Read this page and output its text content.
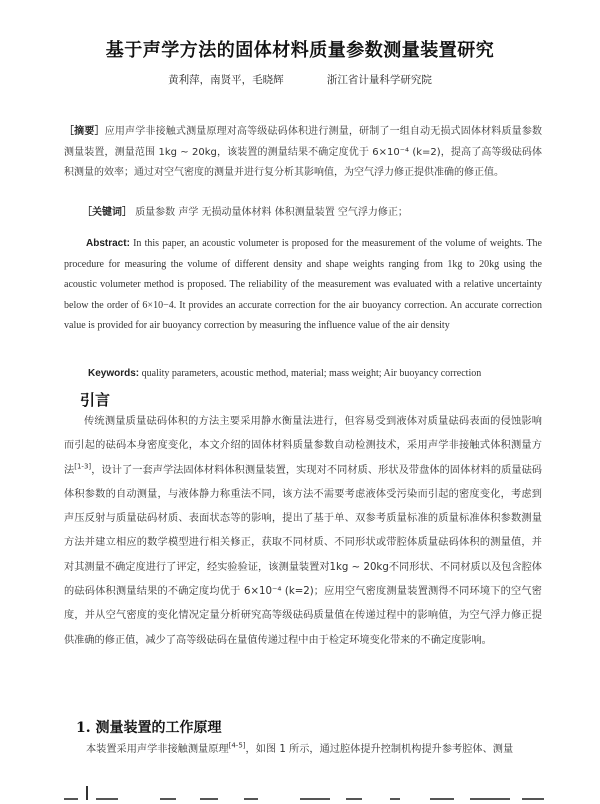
基于声学方法的固体材料质量参数测量装置研究
黄利萍，南贤平，毛晓辉	浙江省计量科学研究院
［摘要］应用声学非接触式测量原理对高等级砝码体积进行测量，研制了一组自动无损式固体材料质量参数测量装置，测量范围 1kg ~ 20kg，该装置的测量结果不确定度优于 6×10⁻⁴ (k=2)，提高了高等级砝码体积测量的效率；通过对空气密度的测量并进行复分析其影响值，为空气浮力修正提供准确的修正值。
［关键词］ 质量参数 声学 无损动量体材料 体积测量装置 空气浮力修正；
Abstract: In this paper, an acoustic volumeter is proposed for the measurement of the volume of weights. The procedure for measuring the volume of different density and shape weights ranging from 1kg to 20kg using the acoustic volumeter method is proposed. The reliability of the measurement was evaluated with a relative uncertainty below the order of 6×10−4. It provides an accurate correction for the air buoyancy correction. An accurate correction value is provided for air buoyancy correction by measuring the influence value of the air density
Keywords: quality parameters, acoustic method, material; mass weight; Air buoyancy correction
引言
传统测量质量砝码体积的方法主要采用静水衡量法进行，但容易受到液体对质量砝码表面的侵蚀影响而引起的砝码本身密度变化，本文介绍的固体材料质量参数自动检测技术，采用声学非接触式体积测量方法[1-3]，设计了一套声学法固体材料体积测量装置，实现对不同材质、形状及带盘体的固体材料的质量砝码体积参数的自动测量，与液体静力称重法不同，该方法不需要考虑液体受污染而引起的密度变化，考虑到声压反射与质量砝码材质、表面状态等的影响，提出了基于单、双参考质量标准的质量标准体积参数测量方法并建立相应的数学模型进行相关修正，获取不同材质、不同形状或带腔体质量砝码体积的测量值，并对其测量不确定度进行了评定，经实验验证，该测量装置对1kg ~ 20kg不同形状、不同材质以及包含腔体的砝码体积测量结果的不确定度均优于 6×10⁻⁴ (k=2)；应用空气密度测量装置测得不同环境下的空气密度，并从空气密度的变化情况定量分析研究高等级砝码质量值在传递过程中的影响值，为空气浮力修正提供准确的修正值，减少了高等级砝码在量值传递过程中由于检定环境变化带来的不确定度影响。
1. 测量装置的工作原理
本装置采用声学非接触测量原理[4-5]，如图 1 所示，通过腔体提升控制机构提升参考腔体、测量
